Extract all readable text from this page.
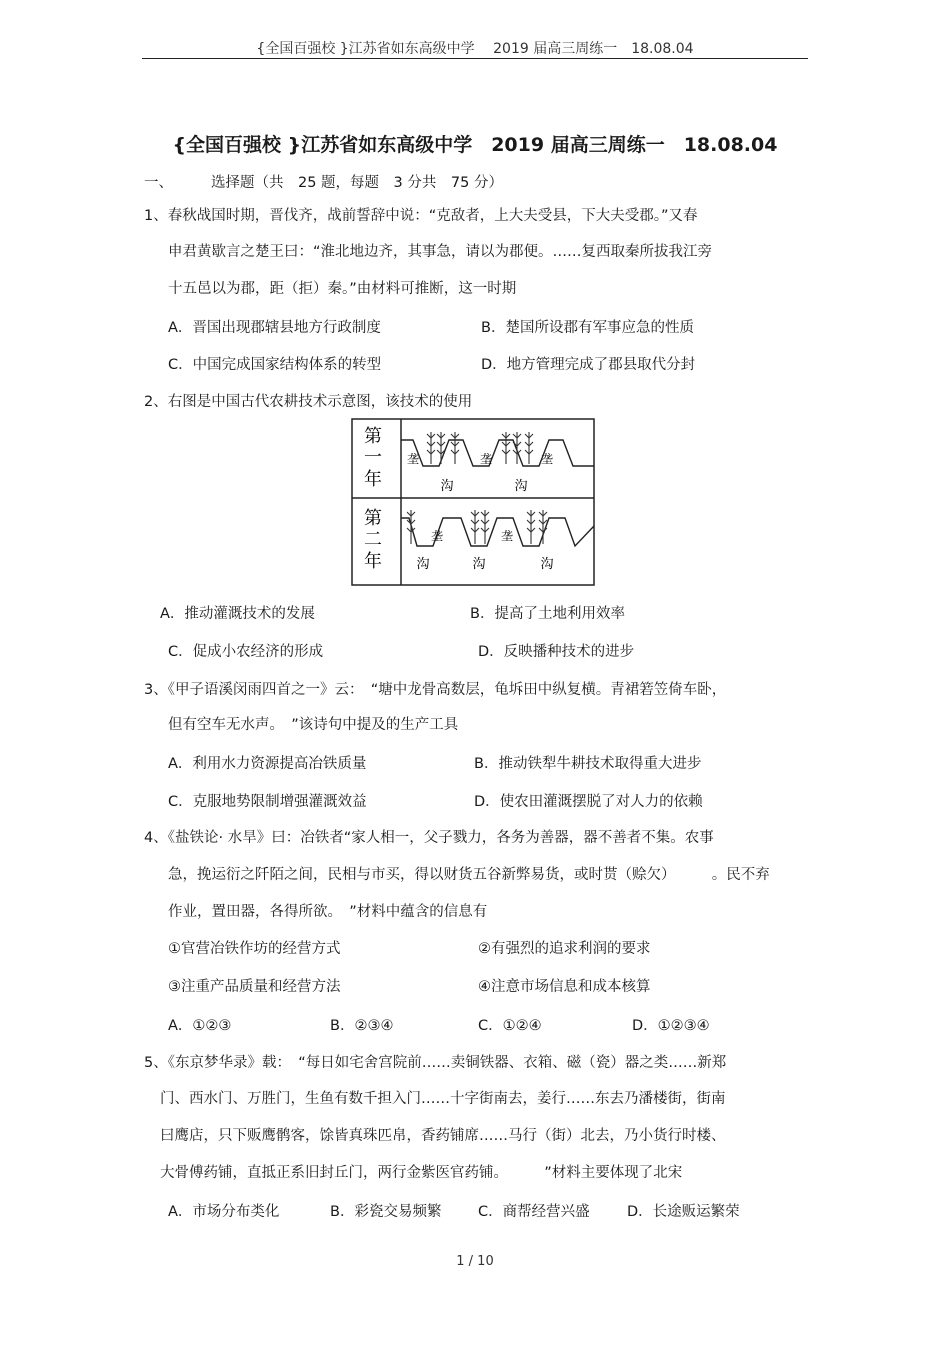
{全国百强校 }江苏省如东高级中学　 2019 届高三周练一　18.08.04
{全国百强校 }江苏省如东高级中学　2019 届高三周练一　18.08.04
一、	选择题（共　25 题，每题　3 分共　75 分）
1、春秋战国时期，晋伐齐，战前誓辞中说：“克敌者，上大夫受县，下大夫受郡。”又春
申君黄歇言之楚王曰：“淮北地边齐，其事急，请以为郡便。……复西取秦所拔我江旁
十五邑以为郡，距（拒）秦。”由材料可推断，这一时期
A．晋国出现郡辖县地方行政制度	B．楚国所设郡有军事应急的性质
C．中国完成国家结构体系的转型	D．地方管理完成了郡县取代分封
2、右图是中国古代农耕技术示意图，该技术的使用
第
一
年
第
二
年
垄	垄	垄
沟	沟
垄	垄
沟	沟	沟
A．推动灌溉技术的发展	B．提高了土地利用效率
C．促成小农经济的形成	D．反映播种技术的进步
3、《甲子语溪闵雨四首之一》云：　“塘中龙骨高数层，龟坼田中纵复横。青裙箬笠倚车卧，
但有空车无水声。　”该诗句中提及的生产工具
A．利用水力资源提高冶铁质量	B．推动铁犁牛耕技术取得重大进步
C．克服地势限制增强灌溉效益	D．使农田灌溉摆脱了对人力的依赖
4、《盐铁论· 水旱》曰：冶铁者“家人相一，父子戮力，各务为善器，器不善者不集。农事
急，挽运衍之阡陌之间，民相与市买，得以财货五谷新弊易货，或时贳（赊欠）　　　。民不弃
作业，置田器，各得所欲。　”材料中蕴含的信息有
①官营冶铁作坊的经营方式	②有强烈的追求利润的要求
③注重产品质量和经营方法	④注意市场信息和成本核算
A．①②③	B．②③④	C．①②④	D．①②③④
5、《东京梦华录》载：　“每日如宅舍宫院前……卖铜铁器、衣箱、磁（瓷）器之类……新郑
门、西水门、万胜门，生鱼有数千担入门……十字街南去，姜行……东去乃潘楼街，街南
曰鹰店，只下贩鹰鹘客，馀皆真珠匹帛，香药铺席……马行（街）北去，乃小货行时楼、
大骨傅药铺，直抵正系旧封丘门，两行金紫医官药铺。　　　”材料主要体现了北宋
A．市场分布类化	B．彩瓷交易频繁	C．商帮经营兴盛	D．长途贩运繁荣
1 / 10
